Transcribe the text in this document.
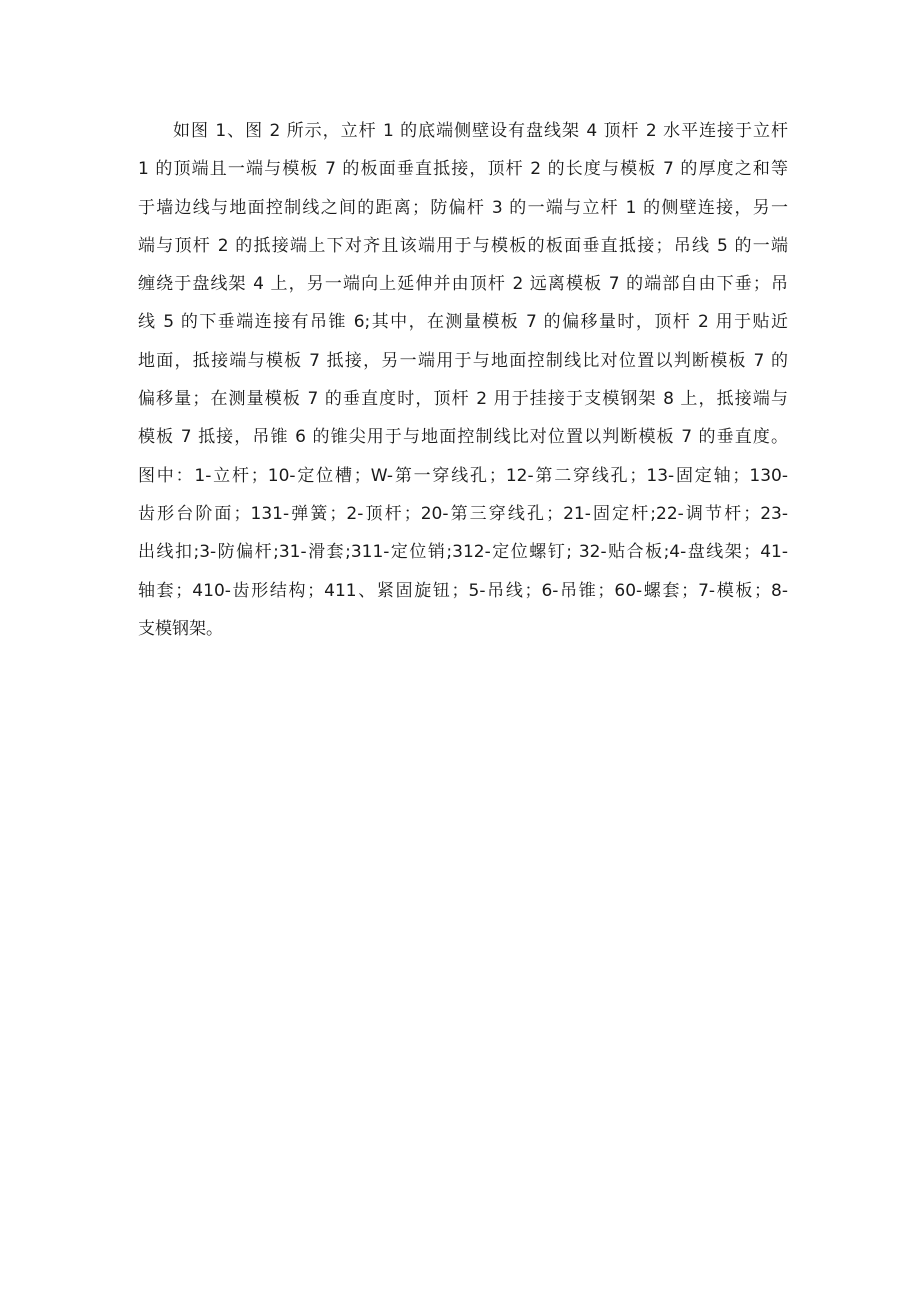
如图 1、图 2 所示，立杆 1 的底端侧壁设有盘线架 4 顶杆 2 水平连接于立杆
1 的顶端且一端与模板 7 的板面垂直抵接，顶杆 2 的长度与模板 7 的厚度之和等
于墙边线与地面控制线之间的距离；防偏杆 3 的一端与立杆 1 的侧壁连接，另一
端与顶杆 2 的抵接端上下对齐且该端用于与模板的板面垂直抵接；吊线 5 的一端
缠绕于盘线架 4 上，另一端向上延伸并由顶杆 2 远离模板 7 的端部自由下垂；吊
线 5 的下垂端连接有吊锥 6;其中，在测量模板 7 的偏移量时，顶杆 2 用于贴近
地面，抵接端与模板 7 抵接，另一端用于与地面控制线比对位置以判断模板 7 的
偏移量；在测量模板 7 的垂直度时，顶杆 2 用于挂接于支模钢架 8 上，抵接端与
模板 7 抵接，吊锥 6 的锥尖用于与地面控制线比对位置以判断模板 7 的垂直度。
图中：1-立杆；10-定位槽；W-第一穿线孔；12-第二穿线孔；13-固定轴；130-
齿形台阶面；131-弹簧；2-顶杆；20-第三穿线孔；21-固定杆;22-调节杆；23-
出线扣;3-防偏杆;31-滑套;311-定位销;312-定位螺钉; 32-贴合板;4-盘线架；41-
轴套；410-齿形结构；411、紧固旋钮；5-吊线；6-吊锥；60-螺套；7-模板；8-
支模钢架。
